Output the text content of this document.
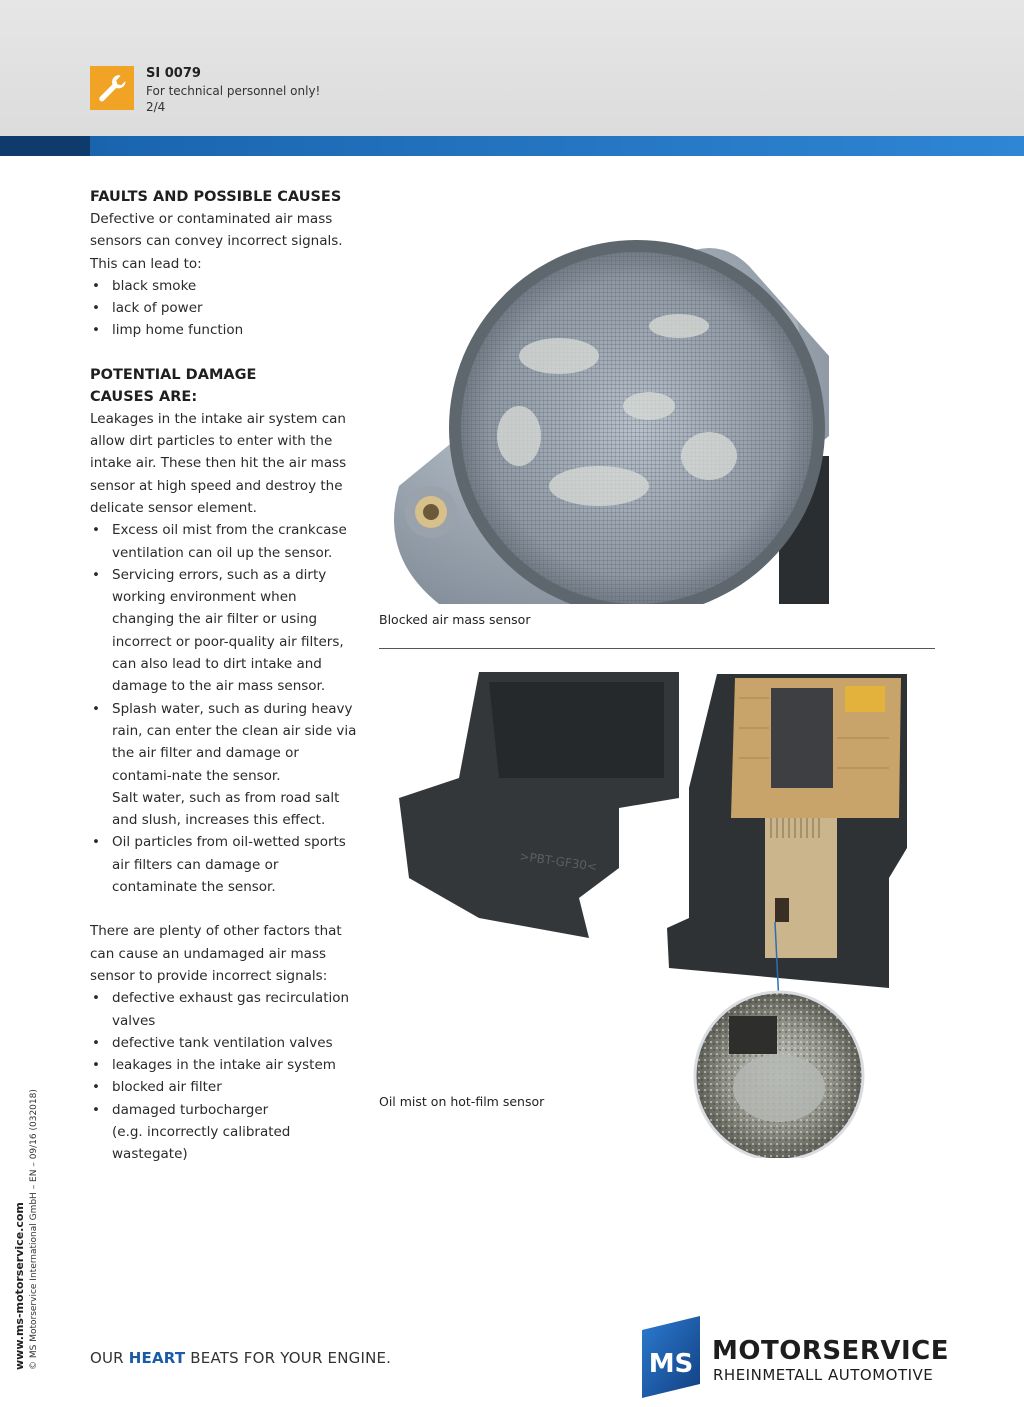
SI 0079
For technical personnel only!
2/4
FAULTS AND POSSIBLE CAUSES

Defective or contaminated air mass sensors can convey incorrect signals. This can lead to:

• black smoke
• lack of power
• limp home function
POTENTIAL DAMAGE
CAUSES ARE:

Leakages in the intake air system can allow dirt particles to enter with the intake air. These then hit the air mass sensor at high speed and destroy the delicate sensor element.

• Excess oil mist from the crankcase ventilation can oil up the sensor.
• Servicing errors, such as a dirty working environment when changing the air filter or using incorrect or poor-quality air filters, can also lead to dirt intake and damage to the air mass sensor.
• Splash water, such as during heavy rain, can enter the clean air side via the air filter and damage or contami-nate the sensor.
Salt water, such as from road salt and slush, increases this effect.
• Oil particles from oil-wetted sports air filters can damage or contaminate the sensor.

There are plenty of other factors that can cause an undamaged air mass sensor to provide incorrect signals:

• defective exhaust gas recirculation valves
• defective tank ventilation valves
• leakages in the intake air system
• blocked air filter
• damaged turbocharger
(e.g. incorrectly calibrated wastegate)
Blocked air mass sensor
>PBT-GF30<
Oil mist on hot-film sensor
www.ms-motorservice.com © MS Motorservice International GmbH – EN – 09/16 (032018)	OUR HEART BEATS FOR YOUR ENGINE.	MS MOTORSERVICE
RHEINMETALL AUTOMOTIVE
